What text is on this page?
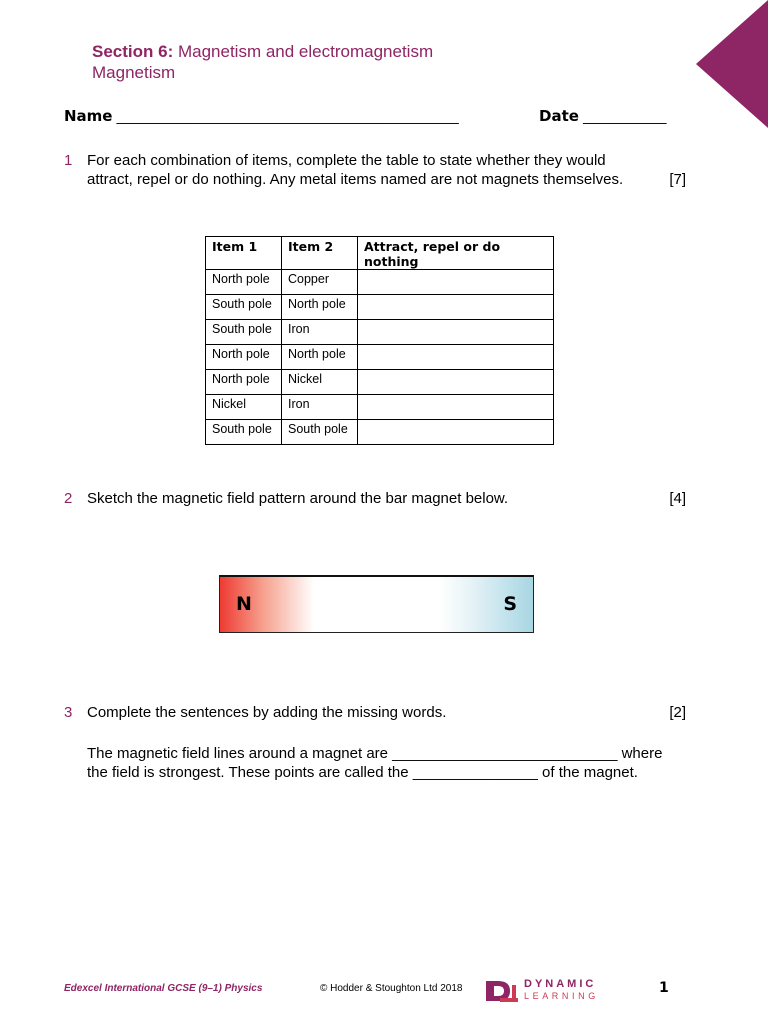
Section 6: Magnetism and electromagnetism
Magnetism
Name _________________________________________	Date __________
1 For each combination of items, complete the table to state whether they would attract, repel or do nothing. Any metal items named are not magnets themselves.	[7]
Item 1	Item 2	Attract, repel or do nothing
North pole	Copper	
South pole	North pole	
South pole	Iron	
North pole	North pole	
North pole	Nickel	
Nickel	Iron	
South pole	South pole	
2 Sketch the magnetic field pattern around the bar magnet below.	[4]
N	S
3 Complete the sentences by adding the missing words.	[2]
The magnetic field lines around a magnet are ___________________________ where the field is strongest. These points are called the _______________ of the magnet.
Edexcel International GCSE (9–1) Physics	© Hodder & Stoughton Ltd 2018	DYNAMIC
LEARNING	1
